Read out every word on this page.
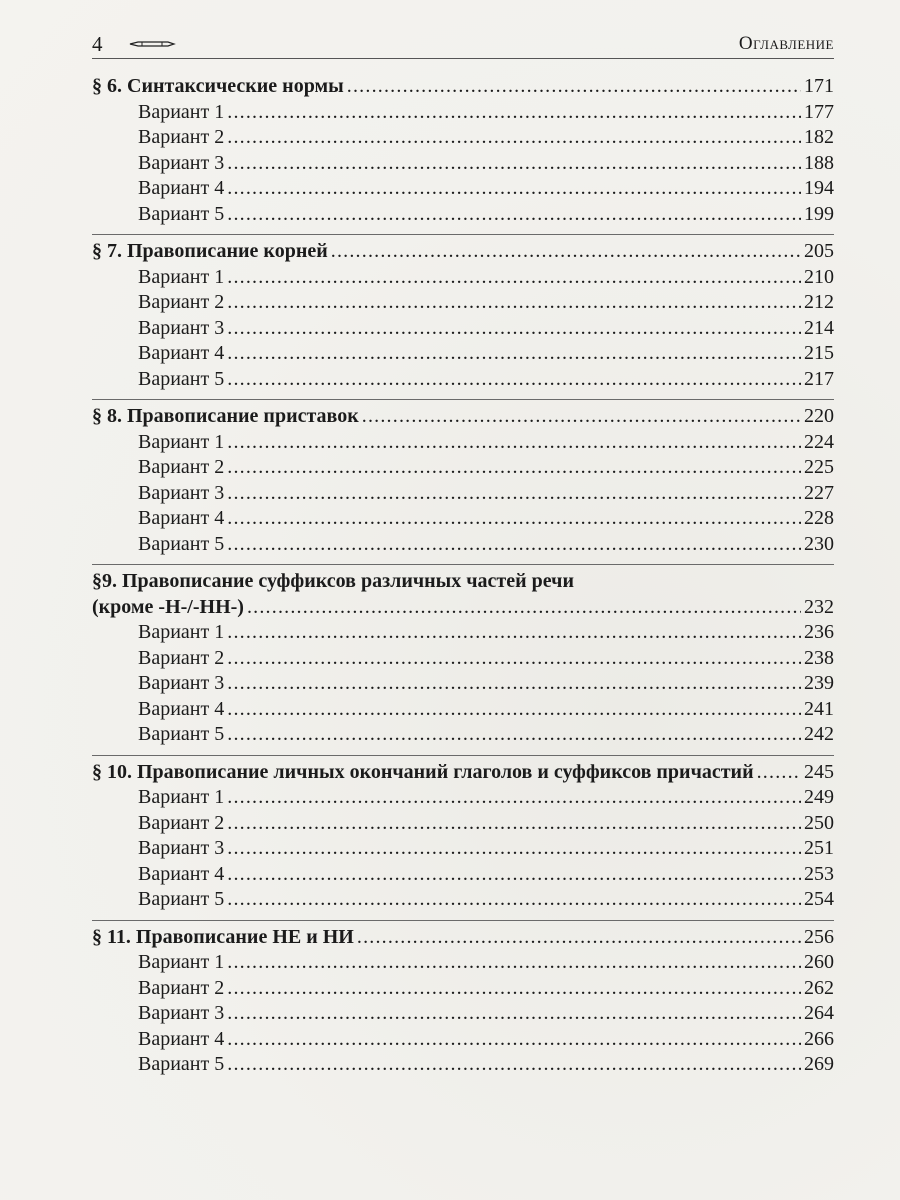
4	Оглавление
§ 6. Синтаксические нормы .....	171
Вариант 1 .....	177
Вариант 2 .....	182
Вариант 3 .....	188
Вариант 4 .....	194
Вариант 5 .....	199
§ 7. Правописание корней .....	205
Вариант 1 .....	210
Вариант 2 .....	212
Вариант 3 .....	214
Вариант 4 .....	215
Вариант 5 .....	217
§ 8. Правописание приставок .....	220
Вариант 1 .....	224
Вариант 2 .....	225
Вариант 3 .....	227
Вариант 4 .....	228
Вариант 5 .....	230
§9. Правописание суффиксов различных частей речи
(кроме -Н-/-НН-) .....	232
Вариант 1 .....	236
Вариант 2 .....	238
Вариант 3 .....	239
Вариант 4 .....	241
Вариант 5 .....	242
§ 10. Правописание личных окончаний глаголов и суффиксов причастий .....	245
Вариант 1 .....	249
Вариант 2 .....	250
Вариант 3 .....	251
Вариант 4 .....	253
Вариант 5 .....	254
§ 11. Правописание НЕ и НИ .....	256
Вариант 1 .....	260
Вариант 2 .....	262
Вариант 3 .....	264
Вариант 4 .....	266
Вариант 5 .....	269
